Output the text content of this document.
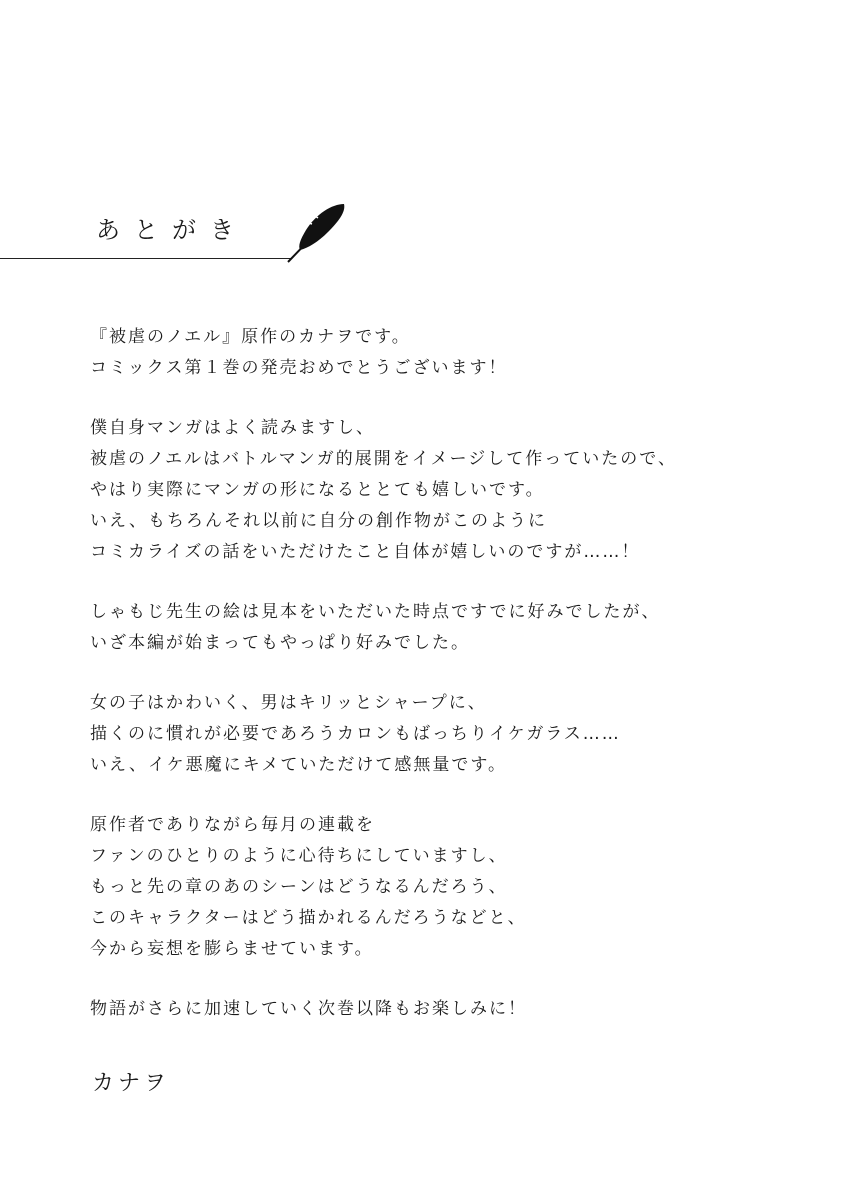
あとがき
『被虐のノエル』原作のカナヲです。
コミックス第１巻の発売おめでとうございます！
僕自身マンガはよく読みますし、
被虐のノエルはバトルマンガ的展開をイメージして作っていたので、
やはり実際にマンガの形になるととても嬉しいです。
いえ、もちろんそれ以前に自分の創作物がこのように
コミカライズの話をいただけたこと自体が嬉しいのですが……！
しゃもじ先生の絵は見本をいただいた時点ですでに好みでしたが、
いざ本編が始まってもやっぱり好みでした。
女の子はかわいく、男はキリッとシャープに、
描くのに慣れが必要であろうカロンもばっちりイケガラス……
いえ、イケ悪魔にキメていただけて感無量です。
原作者でありながら毎月の連載を
ファンのひとりのように心待ちにしていますし、
もっと先の章のあのシーンはどうなるんだろう、
このキャラクターはどう描かれるんだろうなどと、
今から妄想を膨らませています。
物語がさらに加速していく次巻以降もお楽しみに！
カナヲ
